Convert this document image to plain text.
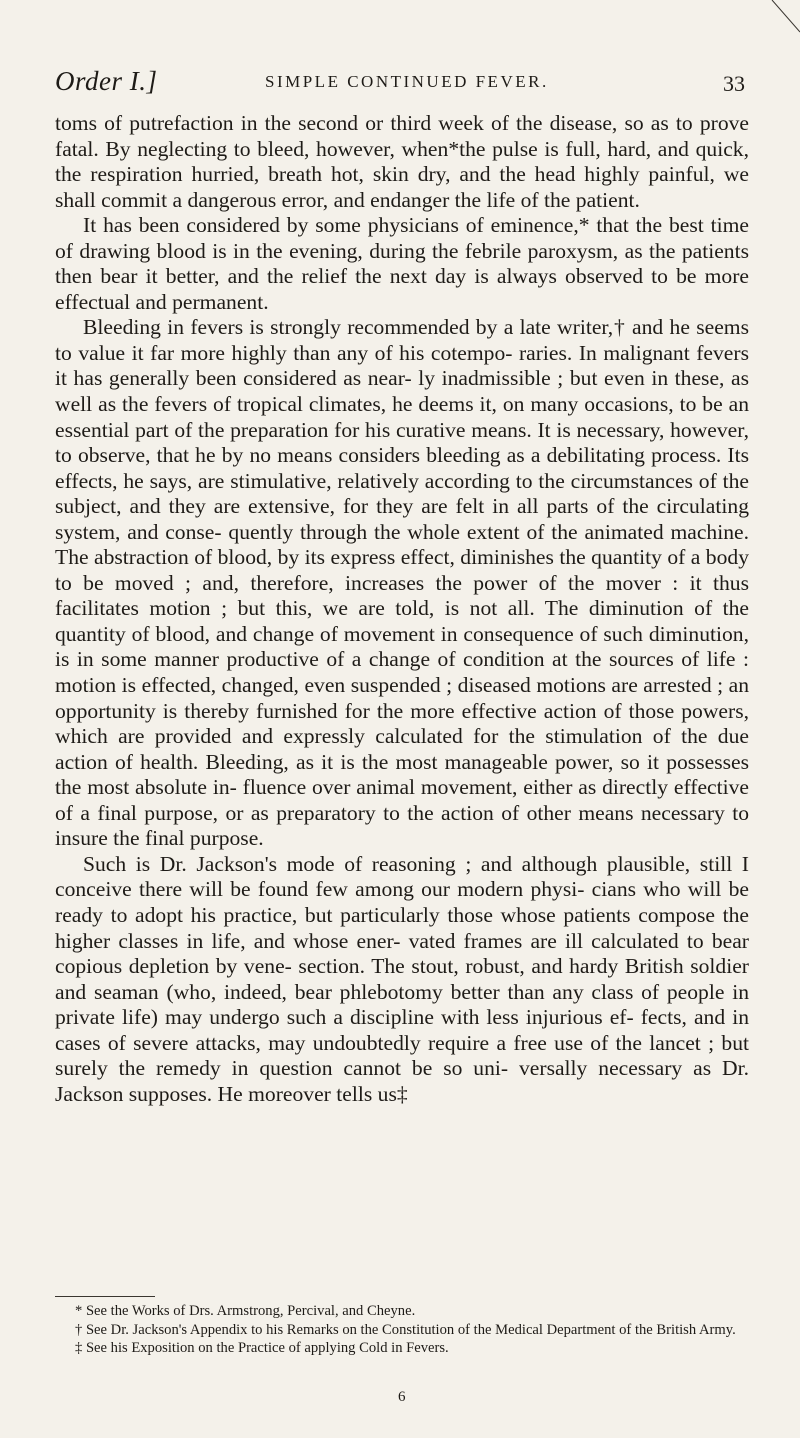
Order I.]	SIMPLE CONTINUED FEVER.	33

toms of putrefaction in the second or third week of the disease, so as to prove fatal. By neglecting to bleed, however, when*the pulse is full, hard, and quick, the respiration hurried, breath hot, skin dry, and the head highly painful, we shall commit a dangerous error, and endanger the life of the patient.

It has been considered by some physicians of eminence,* that the best time of drawing blood is in the evening, during the febrile paroxysm, as the patients then bear it better, and the relief the next day is always observed to be more effectual and permanent.

Bleeding in fevers is strongly recommended by a late writer,† and he seems to value it far more highly than any of his cotempo- raries. In malignant fevers it has generally been considered as near- ly inadmissible ; but even in these, as well as the fevers of tropical climates, he deems it, on many occasions, to be an essential part of the preparation for his curative means. It is necessary, however, to observe, that he by no means considers bleeding as a debilitating process. Its effects, he says, are stimulative, relatively according to the circumstances of the subject, and they are extensive, for they are felt in all parts of the circulating system, and conse- quently through the whole extent of the animated machine. The abstraction of blood, by its express effect, diminishes the quantity of a body to be moved ; and, therefore, increases the power of the mover : it thus facilitates motion ; but this, we are told, is not all. The diminution of the quantity of blood, and change of movement in consequence of such diminution, is in some manner productive of a change of condition at the sources of life : motion is effected, changed, even suspended ; diseased motions are arrested ; an opportunity is thereby furnished for the more effective action of those powers, which are provided and expressly calculated for the stimulation of the due action of health. Bleeding, as it is the most manageable power, so it possesses the most absolute in- fluence over animal movement, either as directly effective of a final purpose, or as preparatory to the action of other means necessary to insure the final purpose.

Such is Dr. Jackson's mode of reasoning ; and although plausible, still I conceive there will be found few among our modern physi- cians who will be ready to adopt his practice, but particularly those whose patients compose the higher classes in life, and whose ener- vated frames are ill calculated to bear copious depletion by vene- section. The stout, robust, and hardy British soldier and seaman (who, indeed, bear phlebotomy better than any class of people in private life) may undergo such a discipline with less injurious ef- fects, and in cases of severe attacks, may undoubtedly require a free use of the lancet ; but surely the remedy in question cannot be so uni- versally necessary as Dr. Jackson supposes. He moreover tells us‡

* See the Works of Drs. Armstrong, Percival, and Cheyne.

† See Dr. Jackson's Appendix to his Remarks on the Constitution of the Medical Department of the British Army.

‡ See his Exposition on the Practice of applying Cold in Fevers.

6
